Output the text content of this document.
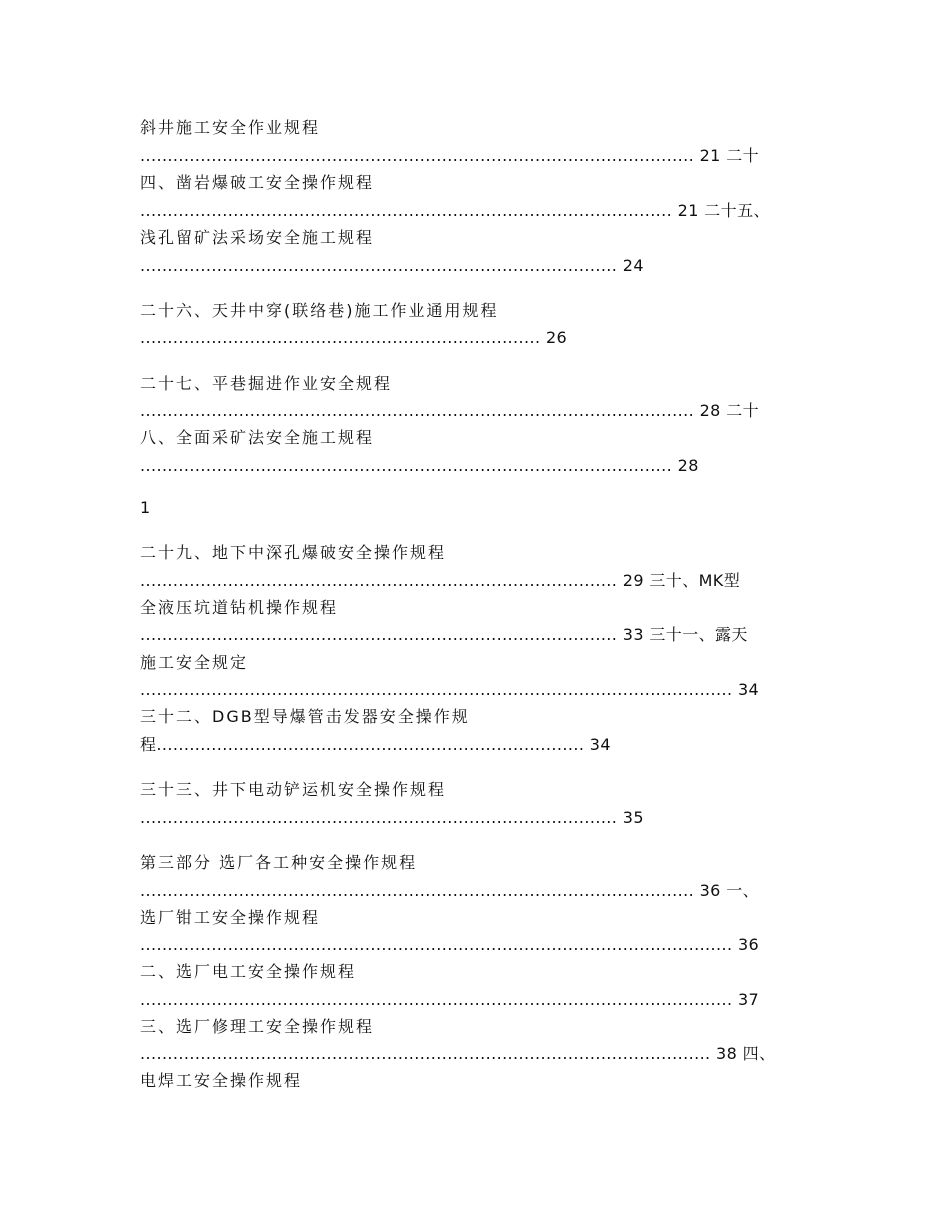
斜井施工安全作业规程
..................................................................................................... 21 二十
四、凿岩爆破工安全操作规程
................................................................................................. 21 二十五、
浅孔留矿法采场安全施工规程
....................................................................................... 24
二十六、天井中穿(联络巷)施工作业通用规程
......................................................................... 26
二十七、平巷掘进作业安全规程
..................................................................................................... 28 二十
八、全面采矿法安全施工规程
................................................................................................. 28
1
二十九、地下中深孔爆破安全操作规程
....................................................................................... 29 三十、MK型
全液压坑道钻机操作规程
....................................................................................... 33 三十一、露天
施工安全规定
............................................................................................................ 34
三十二、DGB型导爆管击发器安全操作规
程.............................................................................. 34
三十三、井下电动铲运机安全操作规程
....................................................................................... 35
第三部分 选厂各工种安全操作规程
..................................................................................................... 36 一、
选厂钳工安全操作规程
............................................................................................................ 36
二、选厂电工安全操作规程
............................................................................................................ 37
三、选厂修理工安全操作规程
........................................................................................................ 38 四、
电焊工安全操作规程
